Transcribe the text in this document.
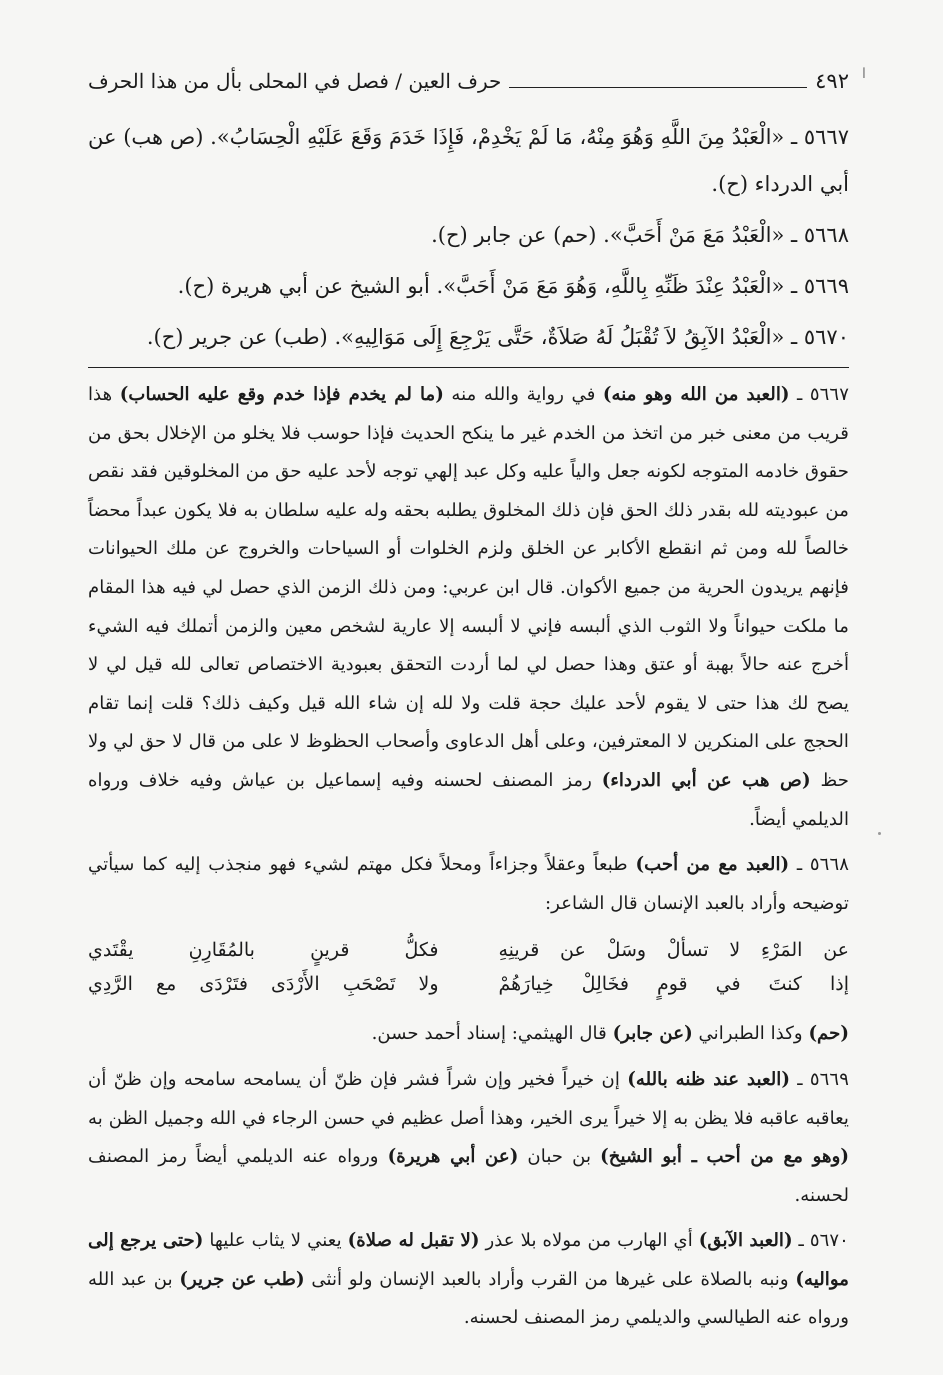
ا
٤٩٢
حرف العين / فصل في المحلى بأل من هذا الحرف

٥٦٦٧ ـ «الْعَبْدُ مِنَ اللَّهِ وَهُوَ مِنْهُ، مَا لَمْ يَخْدِمْ، فَإِذَا خَدَمَ وَقَعَ عَلَيْهِ الْحِسَابُ». (ص هب) عن أبي الدرداء (ح).

٥٦٦٨ ـ «الْعَبْدُ مَعَ مَنْ أَحَبَّ». (حم) عن جابر (ح).

٥٦٦٩ ـ «الْعَبْدُ عِنْدَ ظَنِّهِ بِاللَّهِ، وَهُوَ مَعَ مَنْ أَحَبَّ». أبو الشيخ عن أبي هريرة (ح).

٥٦٧٠ ـ «الْعَبْدُ الآبِقُ لاَ تُقْبَلُ لَهُ صَلاَةٌ، حَتَّى يَرْجِعَ إِلَى مَوَالِيهِ». (طب) عن جرير (ح).

٥٦٦٧ ـ (العبد من الله وهو منه) في رواية والله منه (ما لم يخدم فإذا خدم وقع عليه الحساب) هذا قريب من معنى خبر من اتخذ من الخدم غير ما ينكح الحديث فإذا حوسب فلا يخلو من الإخلال بحق من حقوق خادمه المتوجه لكونه جعل والياً عليه وكل عبد إلهي توجه لأحد عليه حق من المخلوقين فقد نقص من عبوديته لله بقدر ذلك الحق فإن ذلك المخلوق يطلبه بحقه وله عليه سلطان به فلا يكون عبداً محضاً خالصاً لله ومن ثم انقطع الأكابر عن الخلق ولزم الخلوات أو السياحات والخروج عن ملك الحيوانات فإنهم يريدون الحرية من جميع الأكوان. قال ابن عربي: ومن ذلك الزمن الذي حصل لي فيه هذا المقام ما ملكت حيواناً ولا الثوب الذي ألبسه فإني لا ألبسه إلا عارية لشخص معين والزمن أتملك فيه الشيء أخرج عنه حالاً بهبة أو عتق وهذا حصل لي لما أردت التحقق بعبودية الاختصاص تعالى لله قيل لي لا يصح لك هذا حتى لا يقوم لأحد عليك حجة قلت ولا لله إن شاء الله قيل وكيف ذلك؟ قلت إنما تقام الحجج على المنكرين لا المعترفين، وعلى أهل الدعاوى وأصحاب الحظوظ لا على من قال لا حق لي ولا حظ (ص هب عن أبي الدرداء) رمز المصنف لحسنه وفيه إسماعيل بن عياش وفيه خلاف ورواه الديلمي أيضاً.

٥٦٦٨ ـ (العبد مع من أحب) طبعاً وعقلاً وجزاءاً ومحلاً فكل مهتم لشيء فهو منجذب إليه كما سيأتي توضيحه وأراد بالعبد الإنسان قال الشاعر:

عن المَرْءِ لا تسألْ وسَلْ عن قرينِهِ
فكلُّ قرينٍ بالمُقَارِنِ يقْتَدي
إذا كنتَ في قومٍ فخَالِلْ خِيارَهُمْ
ولا تَصْحَبِ الأَرْدَى فتَرْدَى مع الرَّدِي

(حم) وكذا الطبراني (عن جابر) قال الهيثمي: إسناد أحمد حسن.

٥٦٦٩ ـ (العبد عند ظنه بالله) إن خيراً فخير وإن شراً فشر فإن ظنّ أن يسامحه سامحه وإن ظنّ أن يعاقبه عاقبه فلا يظن به إلا خيراً يرى الخير، وهذا أصل عظيم في حسن الرجاء في الله وجميل الظن به (وهو مع من أحب ـ أبو الشيخ) بن حبان (عن أبي هريرة) ورواه عنه الديلمي أيضاً رمز المصنف لحسنه.

٥٦٧٠ ـ (العبد الآبق) أي الهارب من مولاه بلا عذر (لا تقبل له صلاة) يعني لا يثاب عليها (حتى يرجع إلى مواليه) ونبه بالصلاة على غيرها من القرب وأراد بالعبد الإنسان ولو أنثى (طب عن جرير) بن عبد الله ورواه عنه الطيالسي والديلمي رمز المصنف لحسنه.
